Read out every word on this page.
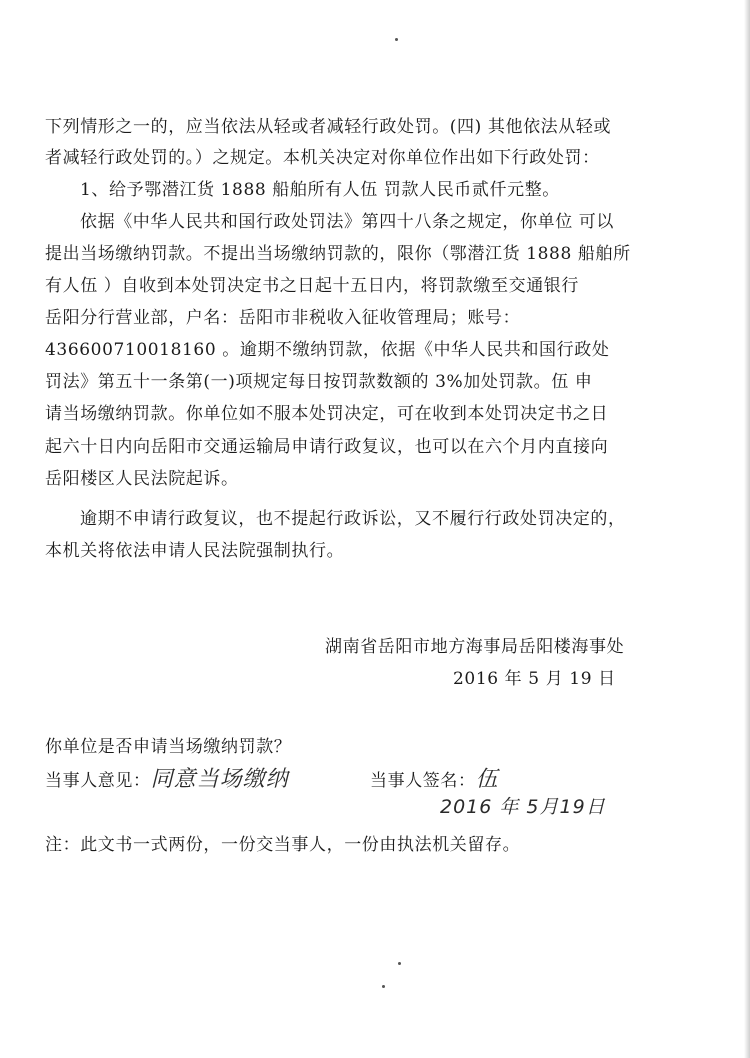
下列情形之一的，应当依法从轻或者减轻行政处罚。(四) 其他依法从轻或
者减轻行政处罚的。）之规定。本机关决定对你单位作出如下行政处罚：
1、给予鄂潜江货 1888 船舶所有人伍 罚款人民币贰仟元整。
依据《中华人民共和国行政处罚法》第四十八条之规定，你单位 可以
提出当场缴纳罚款。不提出当场缴纳罚款的，限你（鄂潜江货 1888 船舶所
有人伍 ）自收到本处罚决定书之日起十五日内，将罚款缴至交通银行
岳阳分行营业部，户名：岳阳市非税收入征收管理局；账号：
436600710018160 。逾期不缴纳罚款，依据《中华人民共和国行政处
罚法》第五十一条第(一)项规定每日按罚款数额的 3%加处罚款。伍 申
请当场缴纳罚款。你单位如不服本处罚决定，可在收到本处罚决定书之日
起六十日内向岳阳市交通运输局申请行政复议，也可以在六个月内直接向
岳阳楼区人民法院起诉。
逾期不申请行政复议，也不提起行政诉讼，又不履行行政处罚决定的，
本机关将依法申请人民法院强制执行。
湖南省岳阳市地方海事局岳阳楼海事处
2016 年 5 月 19 日
你单位是否申请当场缴纳罚款？
当事人意见：同意当场缴纳	当事人签名：伍
2016 年 5月19日
注：此文书一式两份，一份交当事人，一份由执法机关留存。
